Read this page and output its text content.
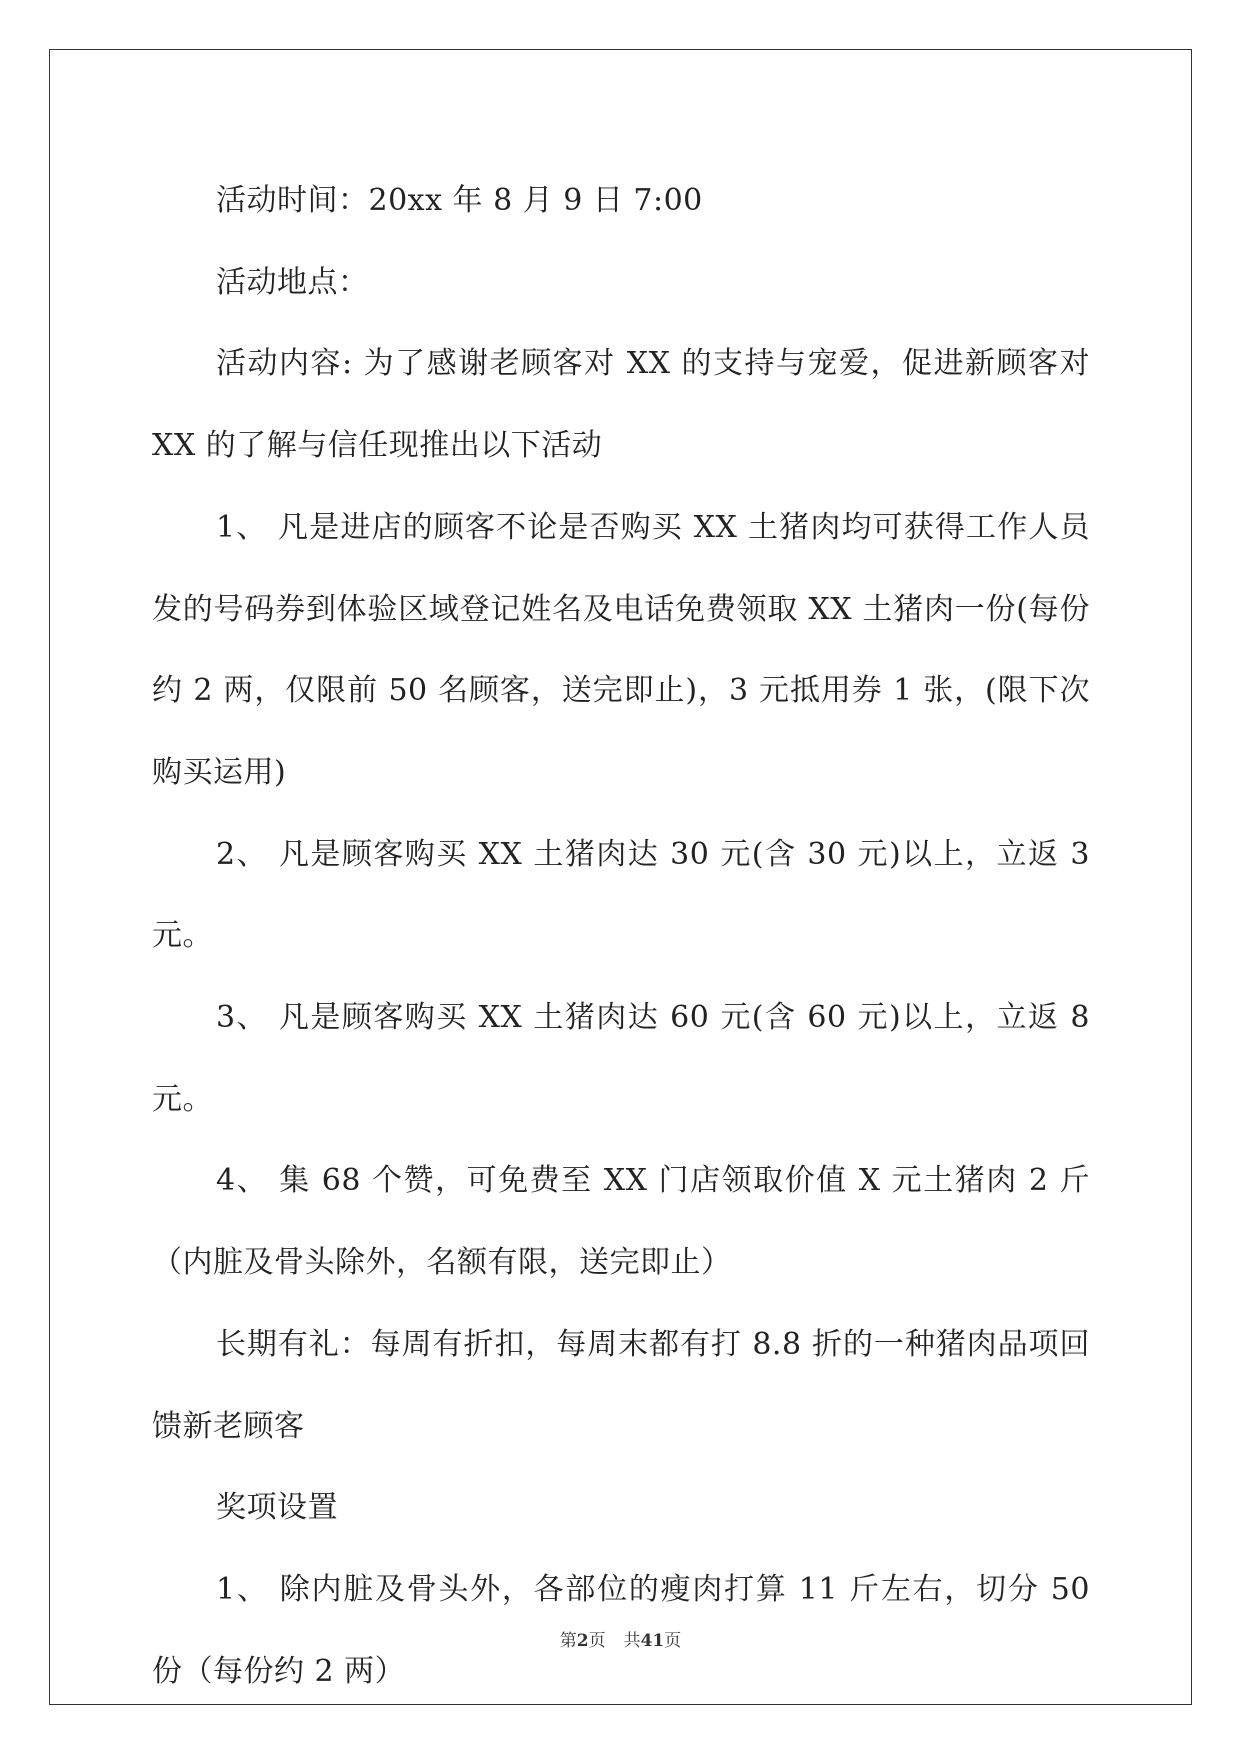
活动时间：20xx 年 8 月 9 日 7:00

活动地点：

活动内容: 为了感谢老顾客对 XX 的支持与宠爱，促进新顾客对 XX 的了解与信任现推出以下活动

1、 凡是进店的顾客不论是否购买 XX 土猪肉均可获得工作人员发的号码券到体验区域登记姓名及电话免费领取 XX 土猪肉一份(每份约 2 两，仅限前 50 名顾客，送完即止)，3 元抵用券 1 张，(限下次购买运用)

2、 凡是顾客购买 XX 土猪肉达 30 元(含 30 元)以上，立返 3 元。

3、 凡是顾客购买 XX 土猪肉达 60 元(含 60 元)以上，立返 8 元。

4、 集 68 个赞，可免费至 XX 门店领取价值 X 元土猪肉 2 斤（内脏及骨头除外，名额有限，送完即止）

长期有礼：每周有折扣，每周末都有打 8.8 折的一种猪肉品项回馈新老顾客

奖项设置

1、 除内脏及骨头外，各部位的瘦肉打算 11 斤左右，切分 50 份（每份约 2 两）

第2页 共41页
